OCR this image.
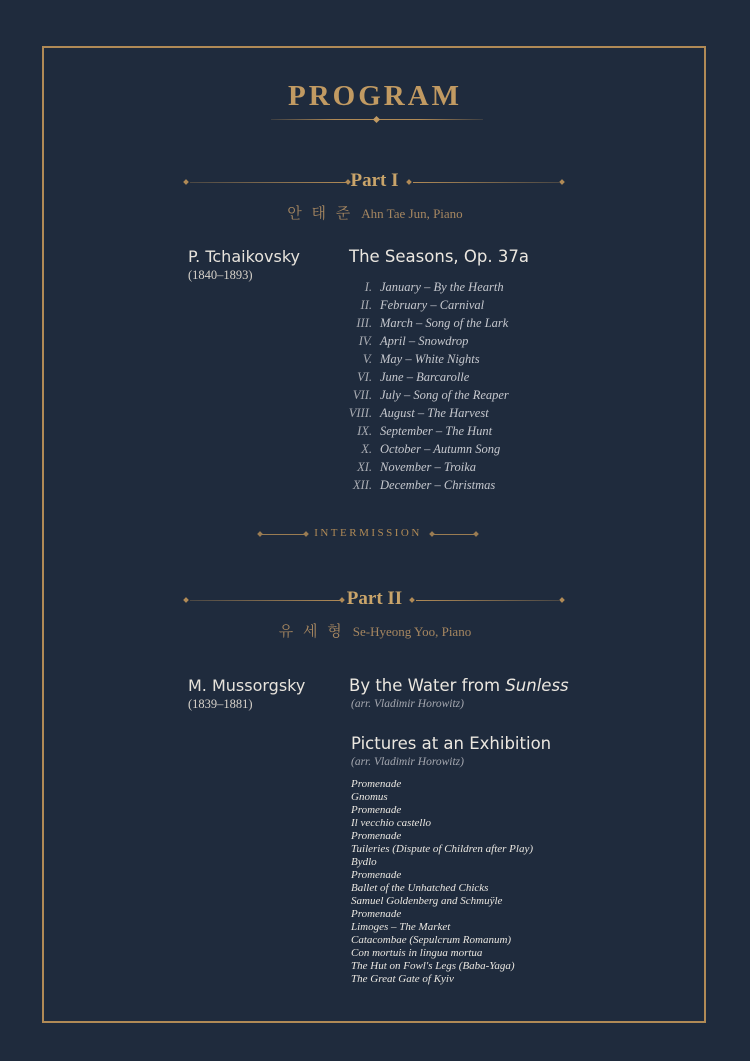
PROGRAM
Part I
안 태 준 Ahn Tae Jun, Piano
P. Tchaikovsky
(1840–1893)
The Seasons, Op. 37a
I. January – By the Hearth
II. February – Carnival
III. March – Song of the Lark
IV. April – Snowdrop
V. May – White Nights
VI. June – Barcarolle
VII. July – Song of the Reaper
VIII. August – The Harvest
IX. September – The Hunt
X. October – Autumn Song
XI. November – Troika
XII. December – Christmas
INTERMISSION
Part II
유 세 형 Se-Hyeong Yoo, Piano
M. Mussorgsky
(1839–1881)
By the Water from Sunless
(arr. Vladimir Horowitz)
Pictures at an Exhibition
(arr. Vladimir Horowitz)
Promenade
Gnomus
Promenade
Il vecchio castello
Promenade
Tuileries (Dispute of Children after Play)
Bydlo
Promenade
Ballet of the Unhatched Chicks
Samuel Goldenberg and Schmuÿle
Promenade
Limoges – The Market
Catacombae (Sepulcrum Romanum)
Con mortuis in lingua mortua
The Hut on Fowl's Legs (Baba-Yaga)
The Great Gate of Kyiv
